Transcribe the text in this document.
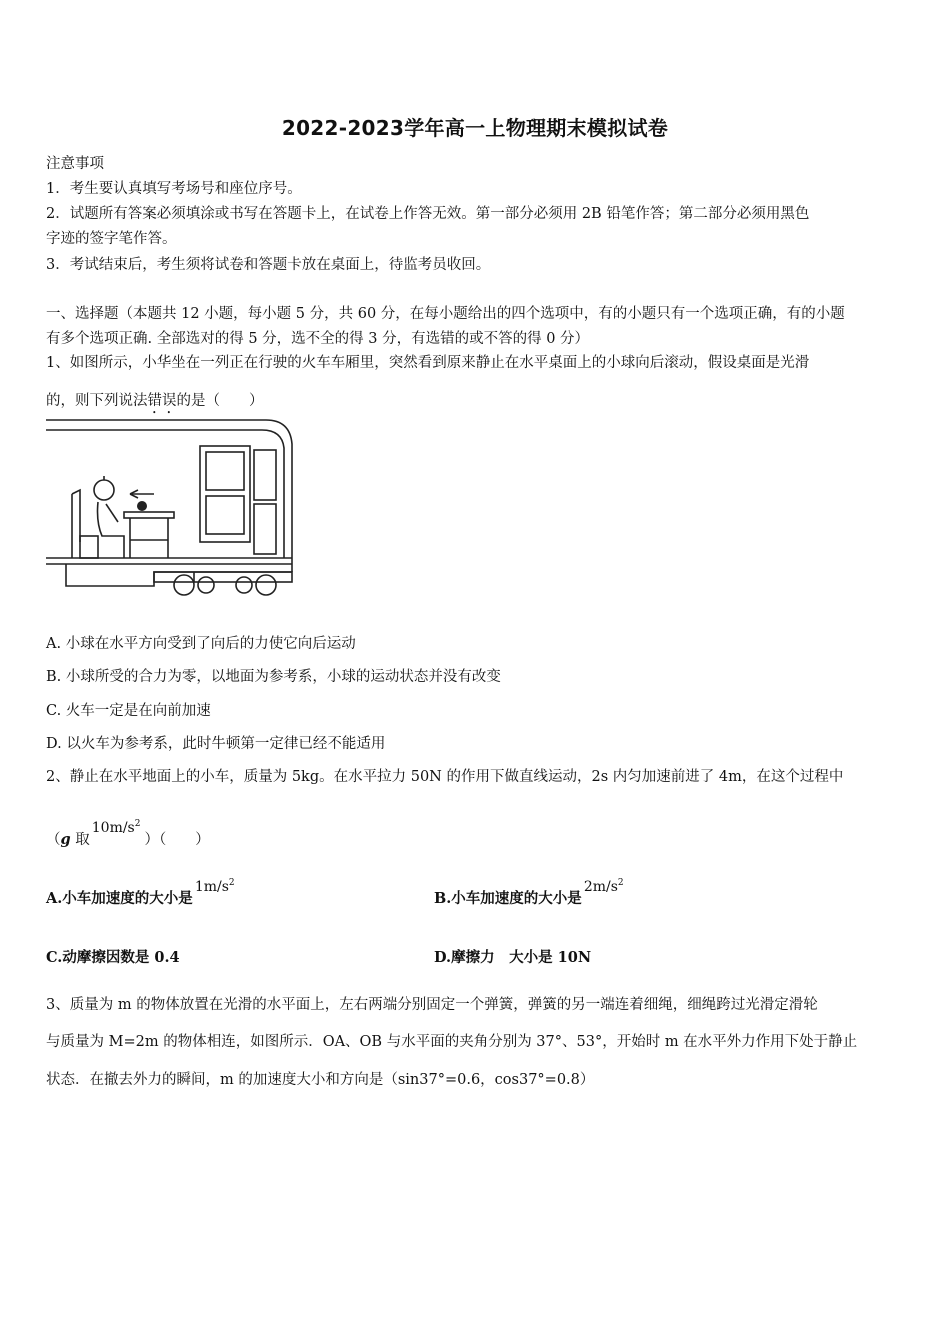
2022-2023学年高一上物理期末模拟试卷
注意事项
1．考生要认真填写考场号和座位序号。
2．试题所有答案必须填涂或书写在答题卡上，在试卷上作答无效。第一部分必须用 2B 铅笔作答；第二部分必须用黑色
字迹的签字笔作答。
3．考试结束后，考生须将试卷和答题卡放在桌面上，待监考员收回。
一、选择题（本题共 12 小题，每小题 5 分，共 60 分，在每小题给出的四个选项中，有的小题只有一个选项正确，有的小题
有多个选项正确. 全部选对的得 5 分，选不全的得 3 分，有选错的或不答的得 0 分）
1、如图所示，小华坐在一列正在行驶的火车车厢里，突然看到原来静止在水平桌面上的小球向后滚动，假设桌面是光滑
的，则下列说法错误的是（　　）
A. 小球在水平方向受到了向后的力使它向后运动
B. 小球所受的合力为零，以地面为参考系，小球的运动状态并没有改变
C. 火车一定是在向前加速
D. 以火车为参考系，此时牛顿第一定律已经不能适用
2、静止在水平地面上的小车，质量为 5kg。在水平拉力 50N 的作用下做直线运动，2s 内匀加速前进了 4m，在这个过程中
（g 取$10m/s^2$）（　　）
A.小车加速度的大小是$1m/s^2$
B.小车加速度的大小是$2m/s^2$
C.动摩擦因数是 0.4	D.摩擦力　大小是 10N
3、质量为 m 的物体放置在光滑的水平面上，左右两端分别固定一个弹簧，弹簧的另一端连着细绳，细绳跨过光滑定滑轮
与质量为 M=2m 的物体相连，如图所示．OA、OB 与水平面的夹角分别为 37°、53°，开始时 m 在水平外力作用下处于静止
状态．在撤去外力的瞬间，m 的加速度大小和方向是（sin37°=0.6，cos37°=0.8）
